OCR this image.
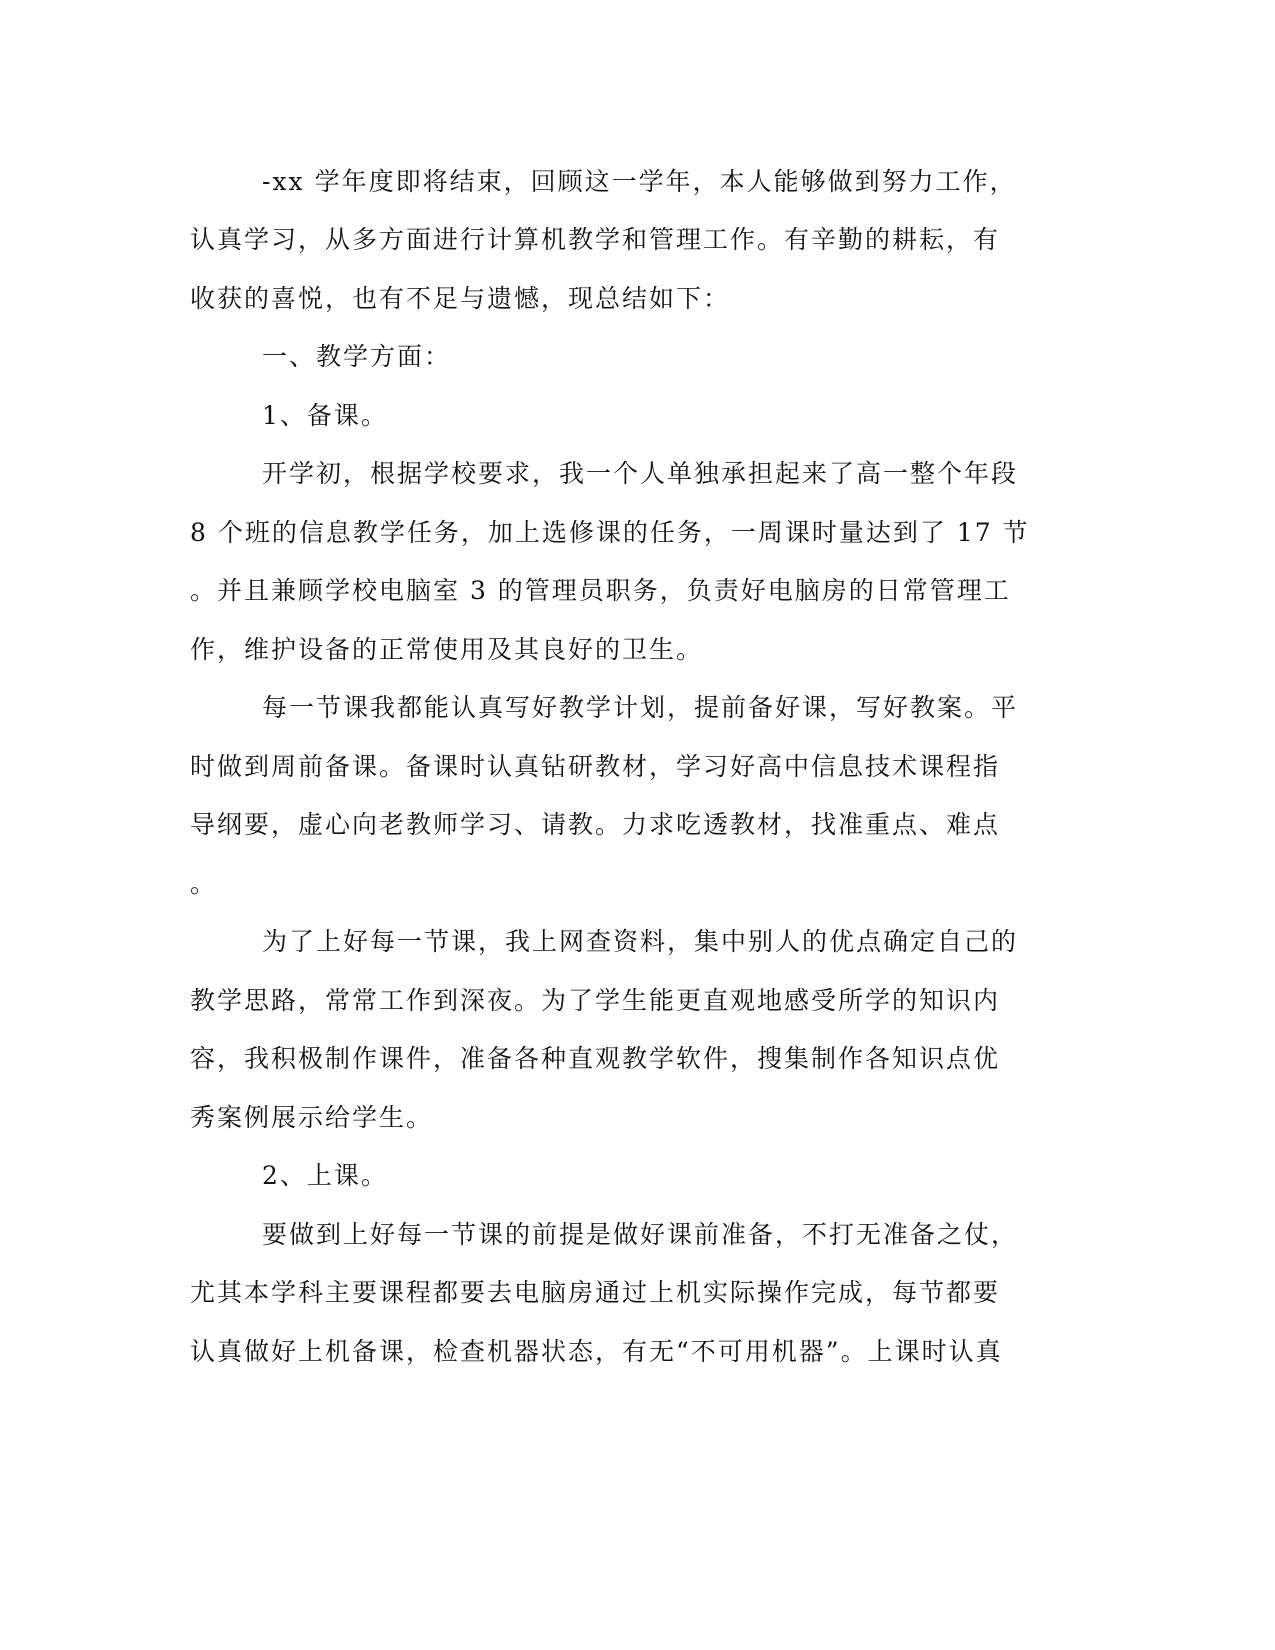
-xx 学年度即将结束，回顾这一学年，本人能够做到努力工作，
认真学习，从多方面进行计算机教学和管理工作。有辛勤的耕耘，有
收获的喜悦，也有不足与遗憾，现总结如下：
一、教学方面：
1、备课。
开学初，根据学校要求，我一个人单独承担起来了高一整个年段
8 个班的信息教学任务，加上选修课的任务，一周课时量达到了 17 节
。并且兼顾学校电脑室 3 的管理员职务，负责好电脑房的日常管理工
作，维护设备的正常使用及其良好的卫生。
每一节课我都能认真写好教学计划，提前备好课，写好教案。平
时做到周前备课。备课时认真钻研教材，学习好高中信息技术课程指
导纲要，虚心向老教师学习、请教。力求吃透教材，找准重点、难点
。
为了上好每一节课，我上网查资料，集中别人的优点确定自己的
教学思路，常常工作到深夜。为了学生能更直观地感受所学的知识内
容，我积极制作课件，准备各种直观教学软件，搜集制作各知识点优
秀案例展示给学生。
2、上课。
要做到上好每一节课的前提是做好课前准备，不打无准备之仗，
尤其本学科主要课程都要去电脑房通过上机实际操作完成，每节都要
认真做好上机备课，检查机器状态，有无“不可用机器”。上课时认真
